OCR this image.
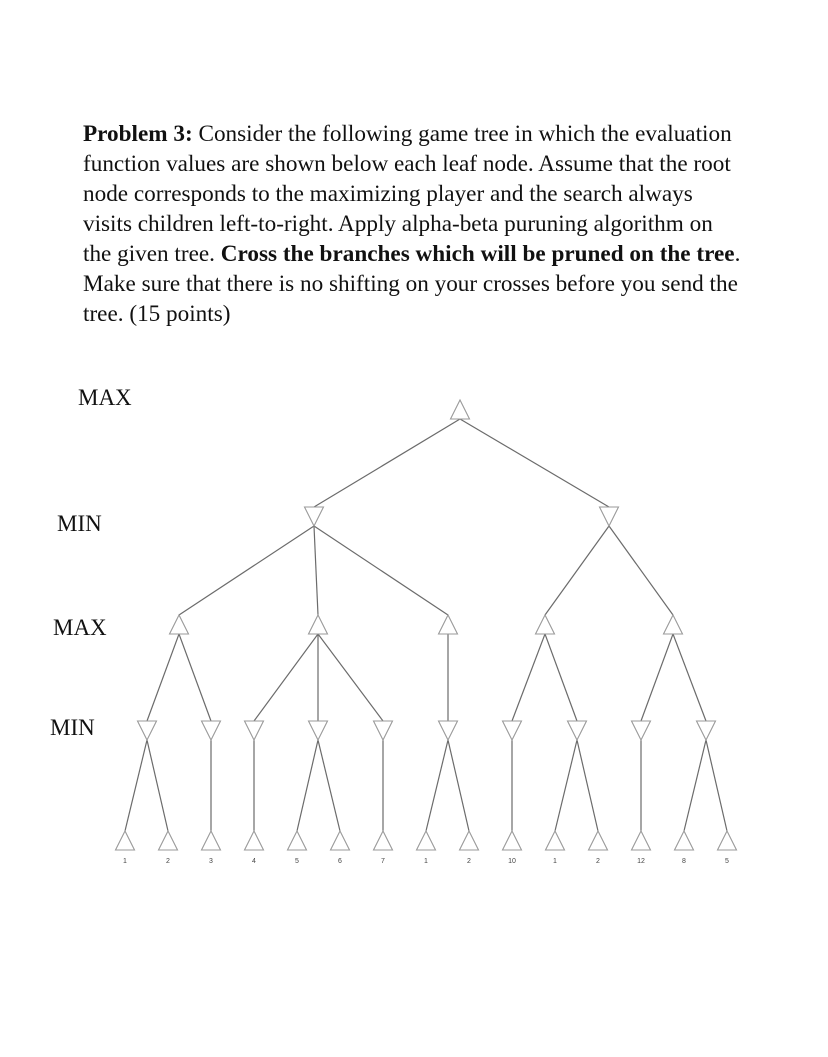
Problem 3: Consider the following game tree in which the evaluation function values are shown below each leaf node. Assume that the root node corresponds to the maximizing player and the search always visits children left-to-right. Apply alpha-beta puruning algorithm on the given tree. Cross the branches which will be pruned on the tree. Make sure that there is no shifting on your crosses before you send the tree. (15 points)

MAX
MIN
MAX
MIN
1	2	3	4	5	6	7	1	2	10	1	2	12	8	5
